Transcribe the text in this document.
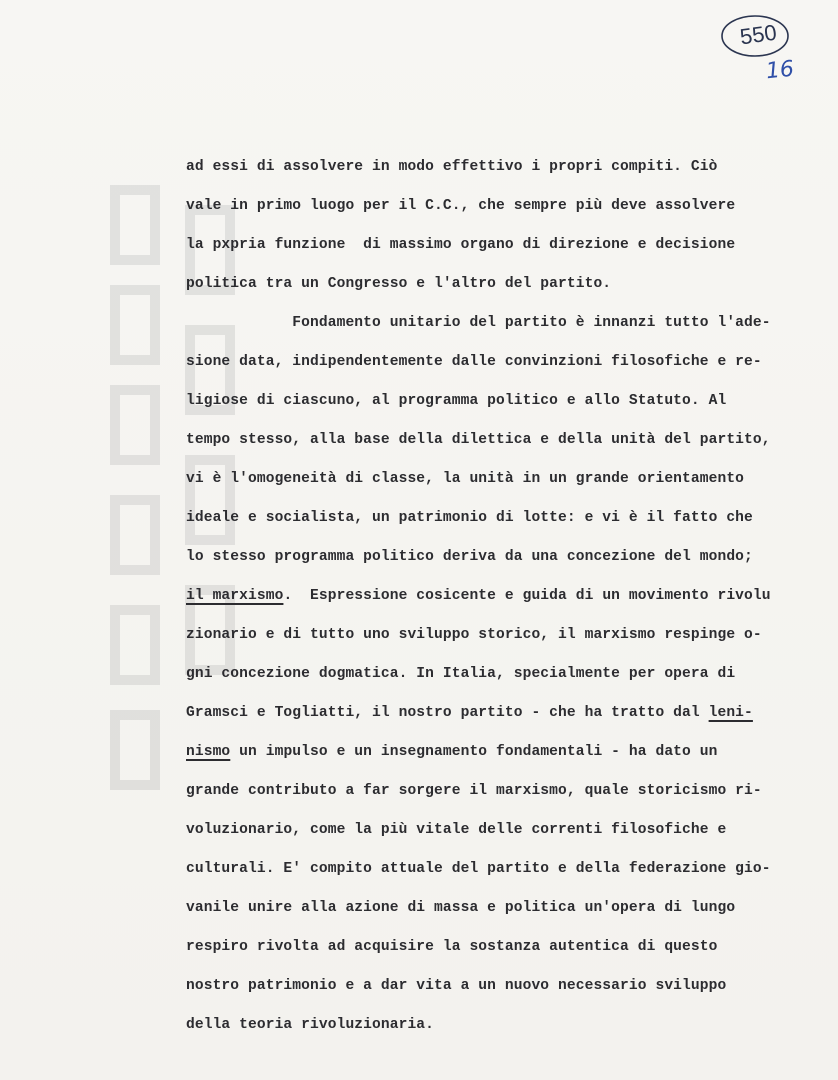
550
16
ad essi di assolvere in modo effettivo i propri compiti. Ciò
vale in primo luogo per il C.C., che sempre più deve assolvere
la pxpria funzione  di massimo organo di direzione e decisione
politica tra un Congresso e l'altro del partito.
Fondamento unitario del partito è innanzi tutto l'ade-
sione data, indipendentemente dalle convinzioni filosofiche e re-
ligiose di ciascuno, al programma politico e allo Statuto. Al
tempo stesso, alla base della dilettica e della unità del partito,
vi è l'omogeneità di classe, la unità in un grande orientamento
ideale e socialista, un patrimonio di lotte: e vi è il fatto che
lo stesso programma politico deriva da una concezione del mondo;
il marxismo.  Espressione cosicente e guida di un movimento rivolu
zionario e di tutto uno sviluppo storico, il marxismo respinge o-
gni concezione dogmatica. In Italia, specialmente per opera di
Gramsci e Togliatti, il nostro partito - che ha tratto dal leni-
nismo un impulso e un insegnamento fondamentali - ha dato un
grande contributo a far sorgere il marxismo, quale storicismo ri-
voluzionario, come la più vitale delle correnti filosofiche e
culturali. E' compito attuale del partito e della federazione gio-
vanile unire alla azione di massa e politica un'opera di lungo
respiro rivolta ad acquisire la sostanza autentica di questo
nostro patrimonio e a dar vita a un nuovo necessario sviluppo
della teoria rivoluzionaria.
